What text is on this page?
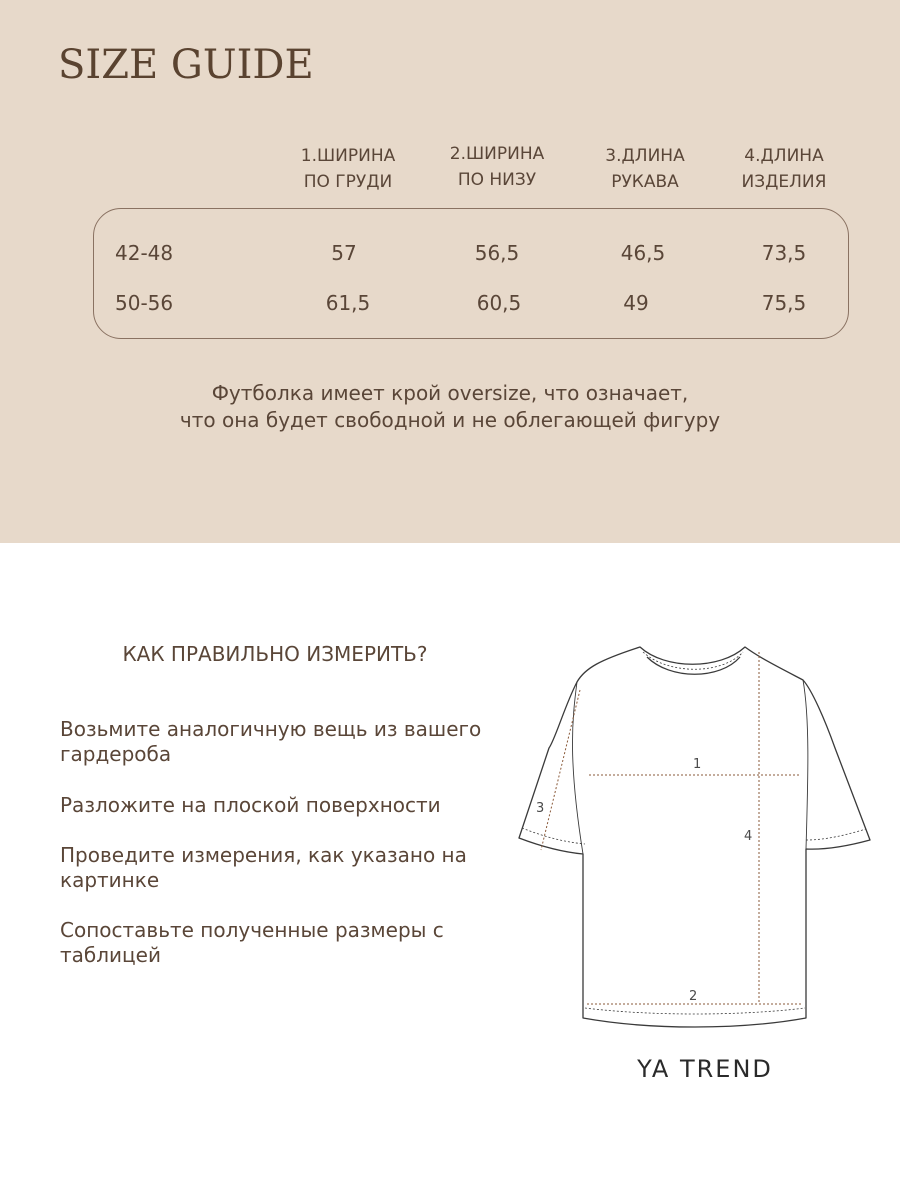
SIZE GUIDE
1.ШИРИНА
ПО ГРУДИ
2.ШИРИНА
ПО НИЗУ
3.ДЛИНА
РУКАВА
4.ДЛИНА
ИЗДЕЛИЯ
42-48	57	56,5	46,5	73,5
50-56	61,5	60,5	49	75,5
Футболка имеет крой oversize, что означает,
что она будет свободной и не облегающей фигуру
КАК ПРАВИЛЬНО ИЗМЕРИТЬ?
Возьмите аналогичную вещь из вашего
гардероба
Разложите на плоской поверхности
Проведите измерения, как указано на
картинке
Сопоставьте полученные размеры с
таблицей
1
2
3
4
YA TREND
